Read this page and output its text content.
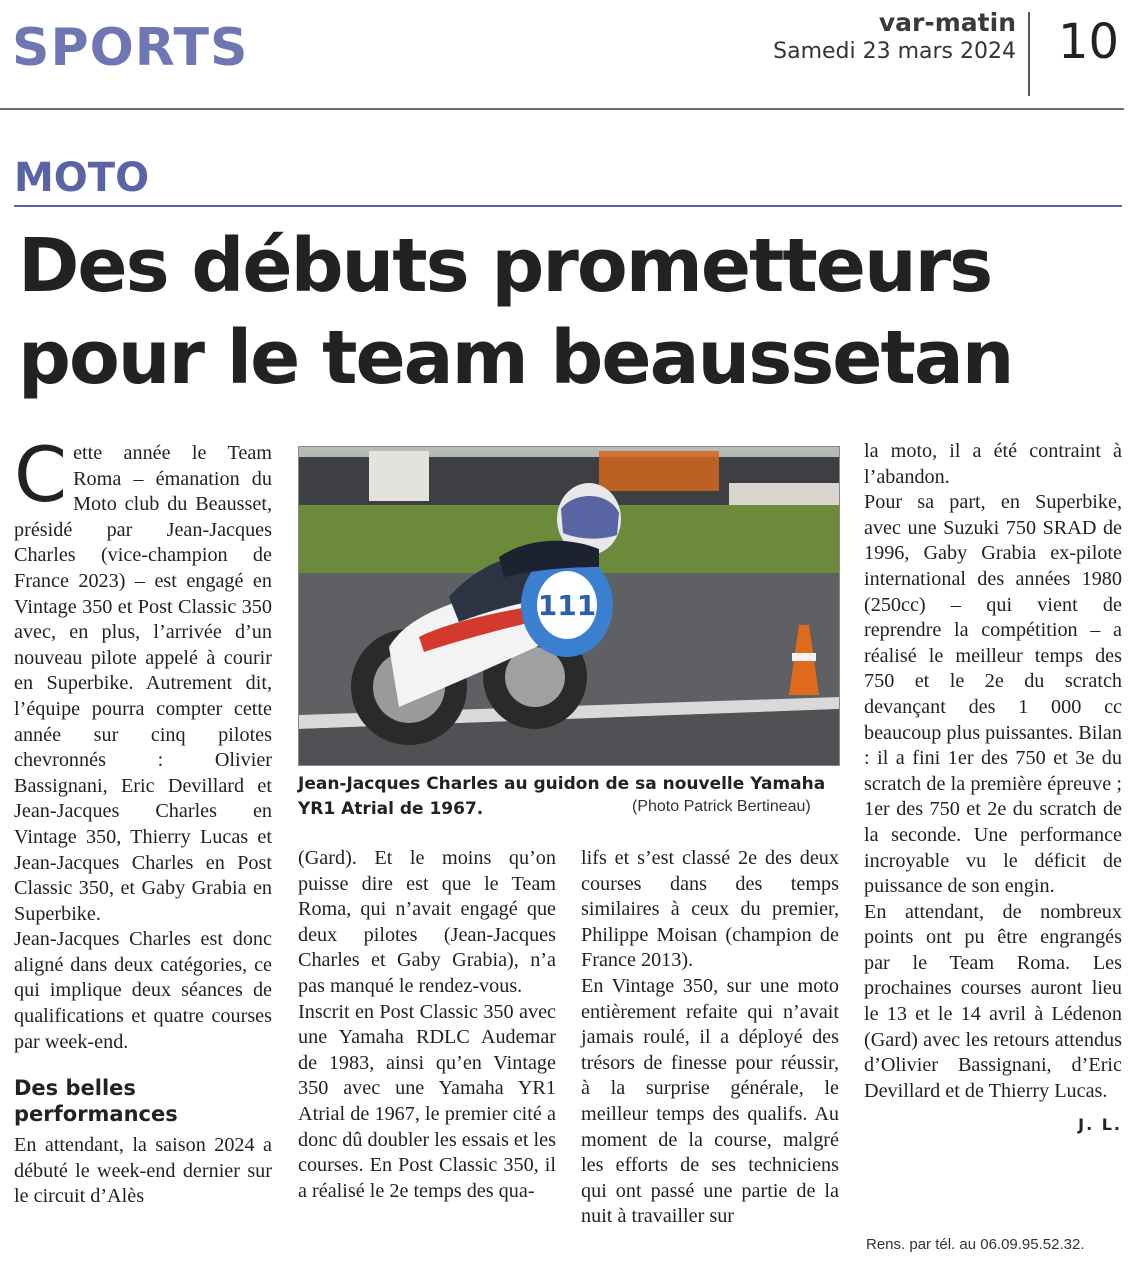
SPORTS	var-matin
Samedi 23 mars 2024 10
MOTO
Des débuts prometteurs
pour le team beaussetan
C ette année le Team Roma – émanation du Moto club du Beausset, présidé par Jean-Jacques Charles (vice-champion de France 2023) – est engagé en Vintage 350 et Post Classic 350 avec, en plus, l’arrivée d’un nouveau pilote appelé à courir en Superbike. Autrement dit, l’équipe pourra compter cette année sur cinq pilotes chevronnés : Olivier Bassignani, Eric Devillard et Jean-Jacques Charles en Vintage 350, Thierry Lucas et Jean-Jacques Charles en Post Classic 350, et Gaby Grabia en Superbike.

Jean-Jacques Charles est donc aligné dans deux catégories, ce qui implique deux séances de qualifications et quatre courses par week-end.

Des belles
performances

En attendant, la saison 2024 a débuté le week-end dernier sur le circuit d’Alès

111
Jean-Jacques Charles au guidon de sa nouvelle Yamaha YR1 Atrial de 1967.	(Photo Patrick Bertineau)

(Gard). Et le moins qu’on puisse dire est que le Team Roma, qui n’avait engagé que deux pilotes (Jean-Jacques Charles et Gaby Grabia), n’a pas manqué le rendez-vous.

Inscrit en Post Classic 350 avec une Yamaha RDLC Audemar de 1983, ainsi qu’en Vintage 350 avec une Yamaha YR1 Atrial de 1967, le premier cité a donc dû doubler les essais et les courses. En Post Classic 350, il a réalisé le 2e temps des qua-

lifs et s’est classé 2e des deux courses dans des temps similaires à ceux du premier, Philippe Moisan (champion de France 2013).

En Vintage 350, sur une moto entièrement refaite qui n’avait jamais roulé, il a déployé des trésors de finesse pour réussir, à la surprise générale, le meilleur temps des qualifs. Au moment de la course, malgré les efforts de ses techniciens qui ont passé une partie de la nuit à travailler sur

la moto, il a été contraint à l’abandon.

Pour sa part, en Superbike, avec une Suzuki 750 SRAD de 1996, Gaby Grabia ex-pilote international des années 1980 (250cc) – qui vient de reprendre la compétition – a réalisé le meilleur temps des 750 et le 2e du scratch devançant des 1 000 cc beaucoup plus puissantes. Bilan : il a fini 1er des 750 et 3e du scratch de la première épreuve ; 1er des 750 et 2e du scratch de la seconde. Une performance incroyable vu le déficit de puissance de son engin.

En attendant, de nombreux points ont pu être engrangés par le Team Roma. Les prochaines courses auront lieu le 13 et le 14 avril à Lédenon (Gard) avec les retours attendus d’Olivier Bassignani, d’Eric Devillard et de Thierry Lucas.

J. L.
Rens. par tél. au 06.09.95.52.32.
